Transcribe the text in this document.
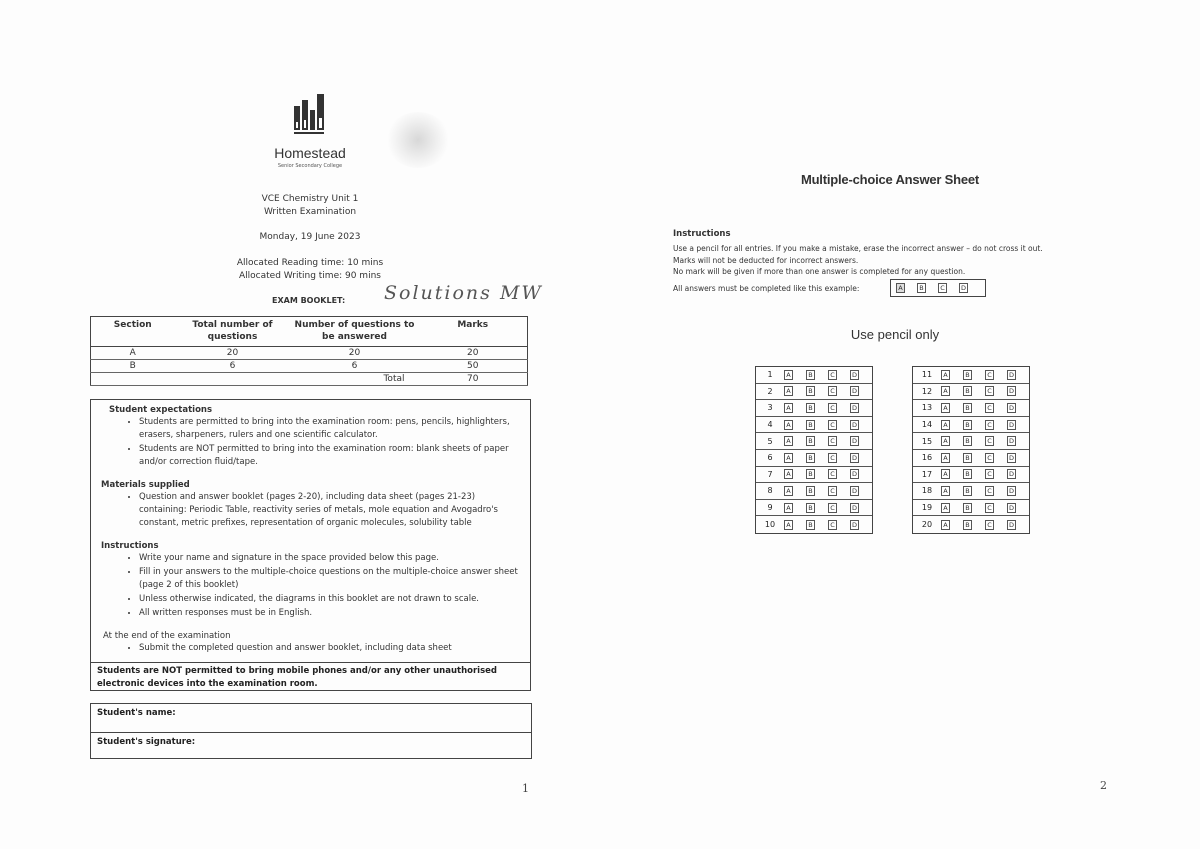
Homestead
Senior Secondary College
VCE Chemistry Unit 1
Written Examination
Monday, 19 June 2023
Allocated Reading time: 10 mins
Allocated Writing time: 90 mins
EXAM BOOKLET: Solutions MW
Section	Total number of questions	Number of questions to be answered	Marks
A	20	20	20
B	6	6	50
		Total	70
Student expectations
• Students are permitted to bring into the examination room: pens, pencils, highlighters, erasers, sharpeners, rulers and one scientific calculator.
• Students are NOT permitted to bring into the examination room: blank sheets of paper and/or correction fluid/tape.
Materials supplied
• Question and answer booklet (pages 2-20), including data sheet (pages 21-23) containing: Periodic Table, reactivity series of metals, mole equation and Avogadro's constant, metric prefixes, representation of organic molecules, solubility table
Instructions
• Write your name and signature in the space provided below this page.
• Fill in your answers to the multiple-choice questions on the multiple-choice answer sheet (page 2 of this booklet)
• Unless otherwise indicated, the diagrams in this booklet are not drawn to scale.
• All written responses must be in English.
At the end of the examination
• Submit the completed question and answer booklet, including data sheet
Students are NOT permitted to bring mobile phones and/or any other unauthorised electronic devices into the examination room.
Student's name:
Student's signature:
1
Multiple-choice Answer Sheet
Instructions
Use a pencil for all entries. If you make a mistake, erase the incorrect answer – do not cross it out.
Marks will not be deducted for incorrect answers.
No mark will be given if more than one answer is completed for any question.
All answers must be completed like this example:	A	B	C	D
Use pencil only
1	A	B	C	D
2	A	B	C	D
3	A	B	C	D
4	A	B	C	D
5	A	B	C	D
6	A	B	C	D
7	A	B	C	D
8	A	B	C	D
9	A	B	C	D
10	A	B	C	D
11	A	B	C	D
12	A	B	C	D
13	A	B	C	D
14	A	B	C	D
15	A	B	C	D
16	A	B	C	D
17	A	B	C	D
18	A	B	C	D
19	A	B	C	D
20	A	B	C	D
2
